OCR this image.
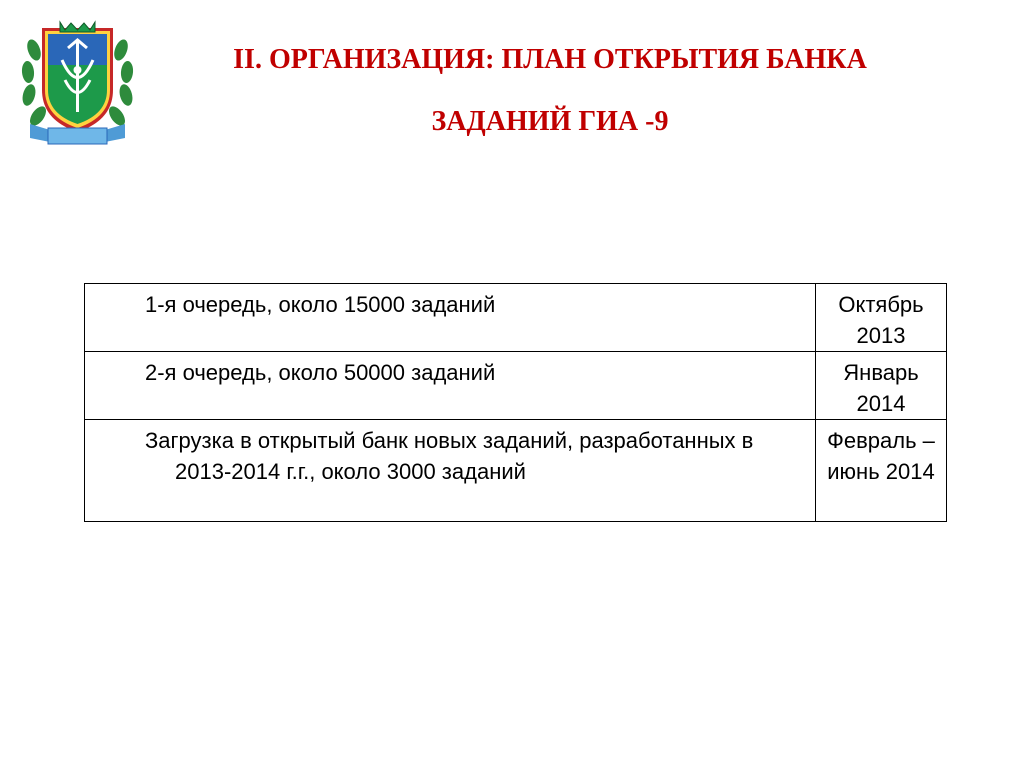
II. ОРГАНИЗАЦИЯ: ПЛАН ОТКРЫТИЯ БАНКА
ЗАДАНИЙ ГИА -9
1-я очередь, около 15000 заданий	Октябрь 2013
2-я очередь, около 50000 заданий	Январь 2014

Загрузка в открытый банк новых заданий, разработанных в 2013-2014 г.г., около 3000 заданий	Февраль – июнь 2014
